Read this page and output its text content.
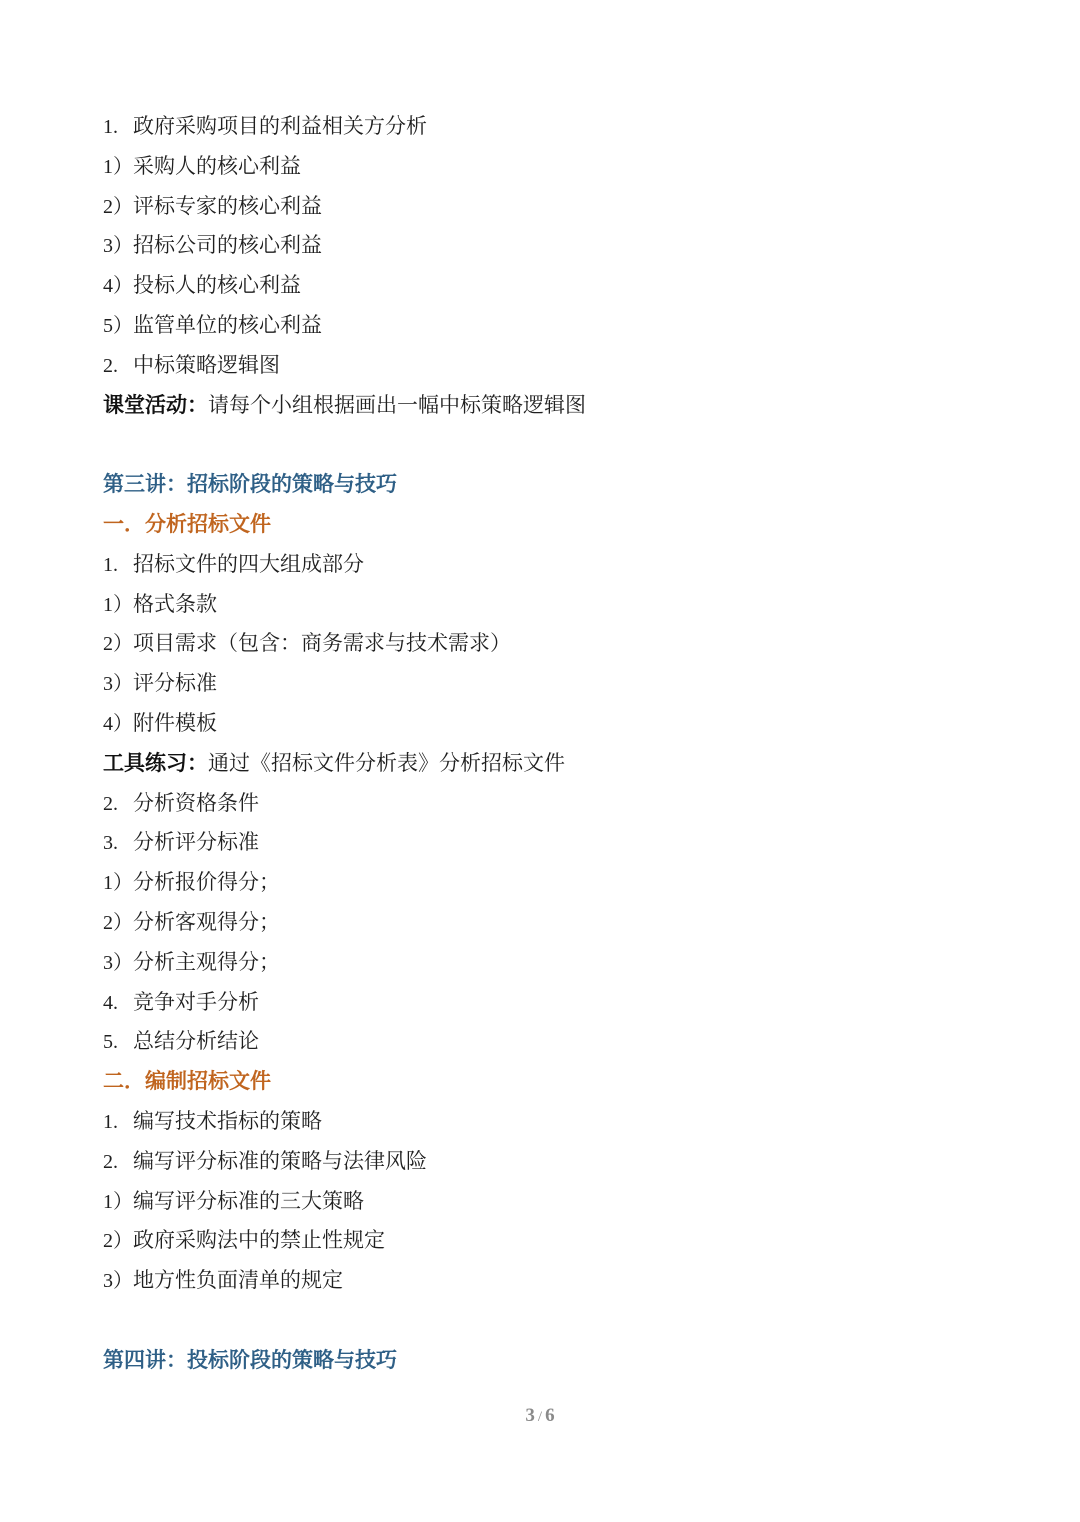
1. 政府采购项目的利益相关方分析
1）采购人的核心利益
2）评标专家的核心利益
3）招标公司的核心利益
4）投标人的核心利益
5）监管单位的核心利益
2. 中标策略逻辑图
课堂活动：请每个小组根据画出一幅中标策略逻辑图
第三讲：招标阶段的策略与技巧
一．分析招标文件
1. 招标文件的四大组成部分
1）格式条款
2）项目需求（包含：商务需求与技术需求）
3）评分标准
4）附件模板
工具练习：通过《招标文件分析表》分析招标文件
2. 分析资格条件
3. 分析评分标准
1）分析报价得分；
2）分析客观得分；
3）分析主观得分；
4. 竞争对手分析
5. 总结分析结论
二．编制招标文件
1. 编写技术指标的策略
2. 编写评分标准的策略与法律风险
1）编写评分标准的三大策略
2）政府采购法中的禁止性规定
3）地方性负面清单的规定
第四讲：投标阶段的策略与技巧
3 / 6
